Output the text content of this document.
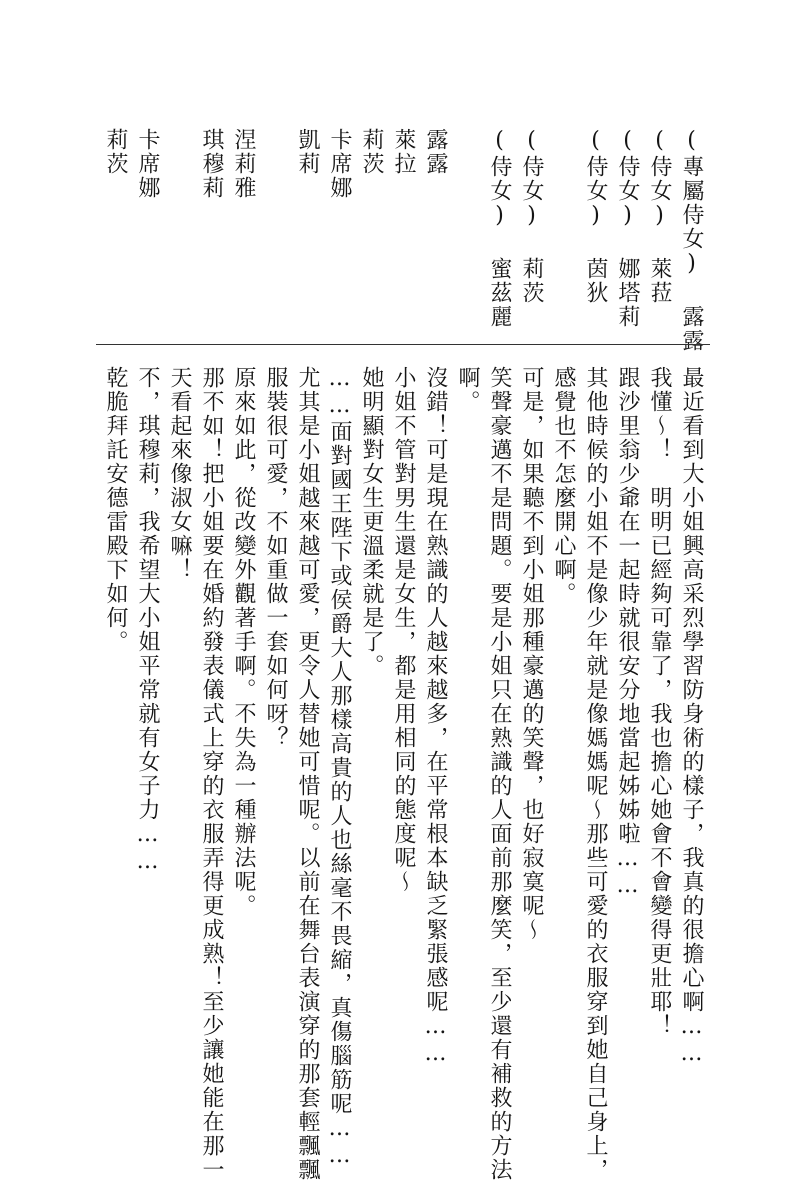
(專屬侍女) 露露
(侍女) 萊菈
(侍女) 娜塔莉
(侍女) 茵狄
(侍女) 莉茨
(侍女) 蜜茲麗
露露
萊拉
莉茨
卡席娜
凱莉
涅莉雅
琪穆莉
卡席娜
莉茨
最近看到大小姐興高采烈學習防身術的樣子，我真的很擔心啊……
我懂～！　明明已經夠可靠了，我也擔心她會不會變得更壯耶！
跟沙里翁少爺在一起時就很安分地當起姊姊啦……
其他時候的小姐不是像少年就是像媽媽呢～那些可愛的衣服穿到她自己身上，
感覺也不怎麼開心啊。
可是，如果聽不到小姐那種豪邁的笑聲，也好寂寞呢～
笑聲豪邁不是問題。要是小姐只在熟識的人面前那麼笑，至少還有補救的方法
啊。
沒錯！可是現在熟識的人越來越多，在平常根本缺乏緊張感呢……
小姐不管對男生還是女生，都是用相同的態度呢～
她明顯對女生更溫柔就是了。
……面對國王陛下或侯爵大人那樣高貴的人也絲毫不畏縮，真傷腦筋呢……
尤其是小姐越來越可愛，更令人替她可惜呢。以前在舞台表演穿的那套輕飄飄
服裝很可愛，不如重做一套如何呀？
原來如此，從改變外觀著手啊。不失為一種辦法呢。
那不如！把小姐要在婚約發表儀式上穿的衣服弄得更成熟！至少讓她能在那一
天看起來像淑女嘛！
不，琪穆莉，我希望大小姐平常就有女子力……
乾脆拜託安德雷殿下如何。
